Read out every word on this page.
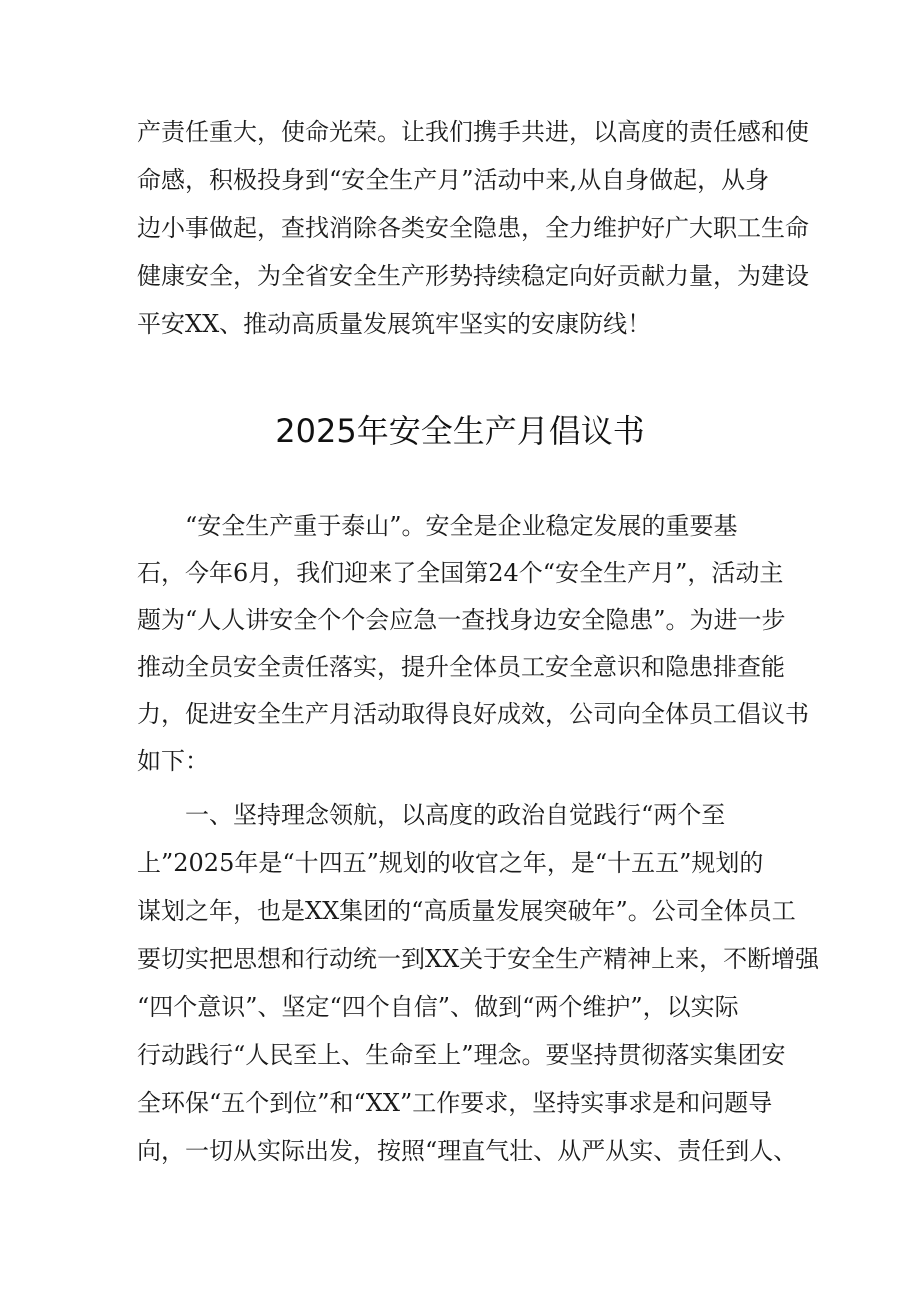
产责任重大，使命光荣。让我们携手共进，以高度的责任感和使
命感，积极投身到“安全生产月”活动中来,从自身做起，从身
边小事做起，查找消除各类安全隐患，全力维护好广大职工生命
健康安全，为全省安全生产形势持续稳定向好贡献力量，为建设
平安XX、推动高质量发展筑牢坚实的安康防线！
2025年安全生产月倡议书
“安全生产重于泰山”。安全是企业稳定发展的重要基
石，今年6月，我们迎来了全国第24个“安全生产月”，活动主
题为“人人讲安全个个会应急一查找身边安全隐患”。为进一步
推动全员安全责任落实，提升全体员工安全意识和隐患排查能
力，促进安全生产月活动取得良好成效，公司向全体员工倡议书
如下：
一、坚持理念领航，以高度的政治自觉践行“两个至
上”2025年是“十四五”规划的收官之年，是“十五五”规划的
谋划之年，也是XX集团的“高质量发展突破年”。公司全体员工
要切实把思想和行动统一到XX关于安全生产精神上来，不断增强
“四个意识”、坚定“四个自信”、做到“两个维护”，以实际
行动践行“人民至上、生命至上”理念。要坚持贯彻落实集团安
全环保“五个到位”和“XX”工作要求，坚持实事求是和问题导
向，一切从实际出发，按照“理直气壮、从严从实、责任到人、
